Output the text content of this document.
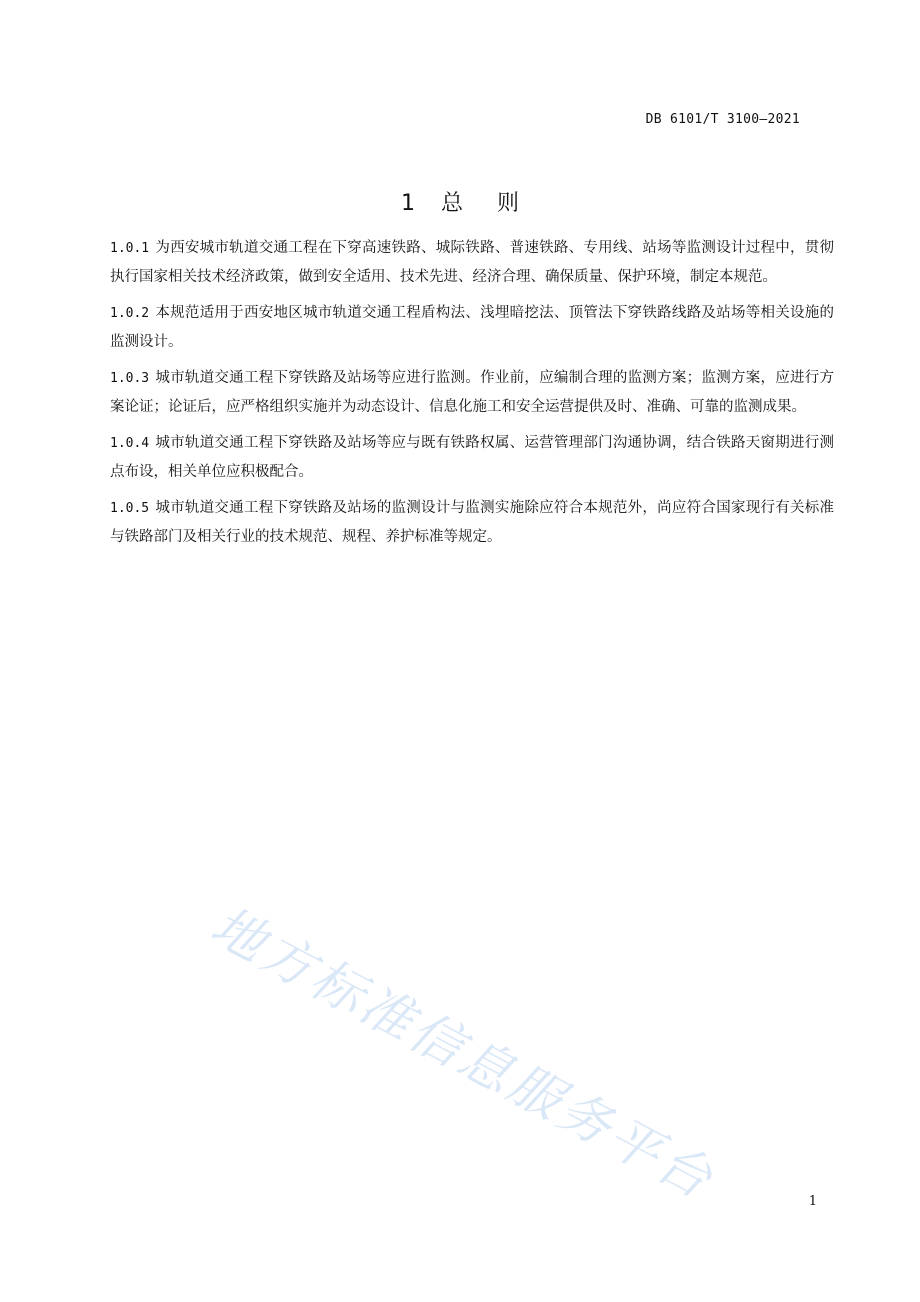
DB 6101/T 3100—2021
1 总 则

1.0.1 为西安城市轨道交通工程在下穿高速铁路、城际铁路、普速铁路、专用线、站场等监测设计过程中，贯彻执行国家相关技术经济政策，做到安全适用、技术先进、经济合理、确保质量、保护环境，制定本规范。

1.0.2 本规范适用于西安地区城市轨道交通工程盾构法、浅埋暗挖法、顶管法下穿铁路线路及站场等相关设施的监测设计。

1.0.3 城市轨道交通工程下穿铁路及站场等应进行监测。作业前，应编制合理的监测方案；监测方案，应进行方案论证；论证后，应严格组织实施并为动态设计、信息化施工和安全运营提供及时、准确、可靠的监测成果。

1.0.4 城市轨道交通工程下穿铁路及站场等应与既有铁路权属、运营管理部门沟通协调，结合铁路天窗期进行测点布设，相关单位应积极配合。

1.0.5 城市轨道交通工程下穿铁路及站场的监测设计与监测实施除应符合本规范外，尚应符合国家现行有关标准与铁路部门及相关行业的技术规范、规程、养护标准等规定。

地方标准信息服务平台	1
